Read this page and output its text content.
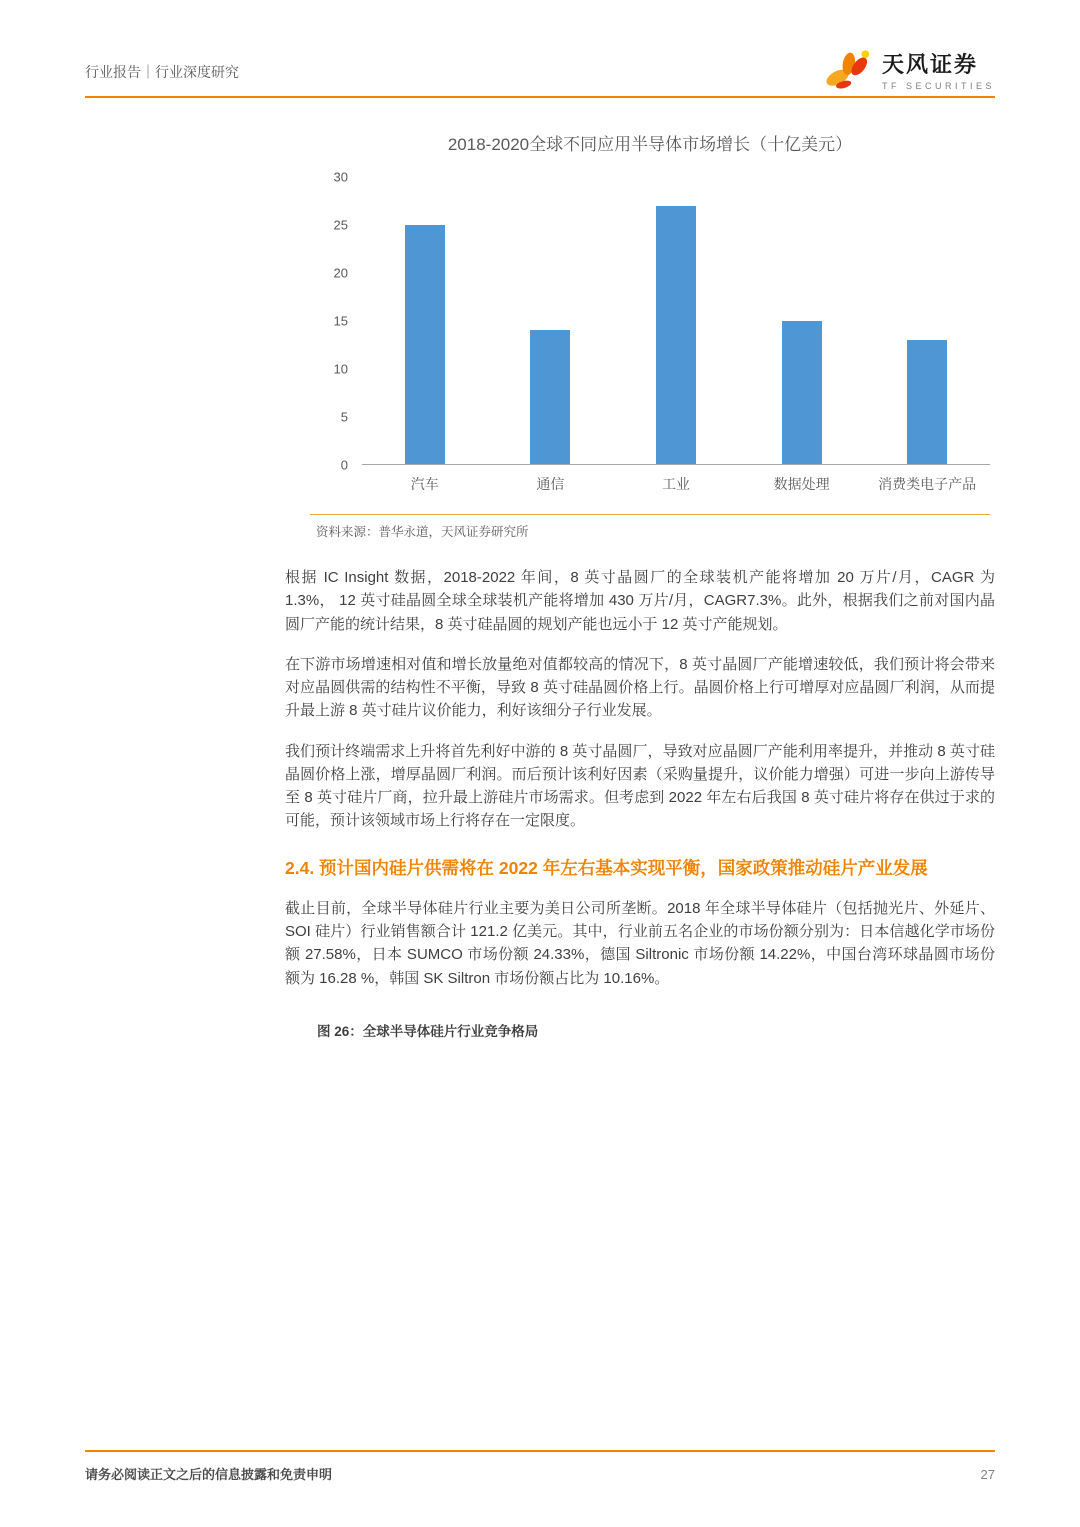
行业报告｜行业深度研究	天风证券
TF SECURITIES
2018-2020全球不同应用半导体市场增长（十亿美元）
30
25
20
15
10
5
0
汽车	通信	工业	数据处理	消费类电子产品
资料来源：普华永道，天风证券研究所

根据 IC Insight 数据，2018-2022 年间，8 英寸晶圆厂的全球装机产能将增加 20 万片/月，CAGR 为 1.3%， 12 英寸硅晶圆全球全球装机产能将增加 430 万片/月，CAGR7.3%。此外，根据我们之前对国内晶圆厂产能的统计结果，8 英寸硅晶圆的规划产能也远小于 12 英寸产能规划。

在下游市场增速相对值和增长放量绝对值都较高的情况下，8 英寸晶圆厂产能增速较低，我们预计将会带来对应晶圆供需的结构性不平衡，导致 8 英寸硅晶圆价格上行。晶圆价格上行可增厚对应晶圆厂利润，从而提升最上游 8 英寸硅片议价能力，利好该细分子行业发展。

我们预计终端需求上升将首先利好中游的 8 英寸晶圆厂，导致对应晶圆厂产能利用率提升，并推动 8 英寸硅晶圆价格上涨，增厚晶圆厂利润。而后预计该利好因素（采购量提升，议价能力增强）可进一步向上游传导至 8 英寸硅片厂商，拉升最上游硅片市场需求。但考虑到 2022 年左右后我国 8 英寸硅片将存在供过于求的可能，预计该领域市场上行将存在一定限度。

2.4. 预计国内硅片供需将在 2022 年左右基本实现平衡，国家政策推动硅片产业发展

截止目前，全球半导体硅片行业主要为美日公司所垄断。2018 年全球半导体硅片（包括抛光片、外延片、SOI 硅片）行业销售额合计 121.2 亿美元。其中，行业前五名企业的市场份额分别为：日本信越化学市场份额 27.58%，日本 SUMCO 市场份额 24.33%，德国 Siltronic 市场份额 14.22%，中国台湾环球晶圆市场份额为 16.28 %，韩国 SK Siltron 市场份额占比为 10.16%。

图 26：全球半导体硅片行业竞争格局
请务必阅读正文之后的信息披露和免责申明	27
